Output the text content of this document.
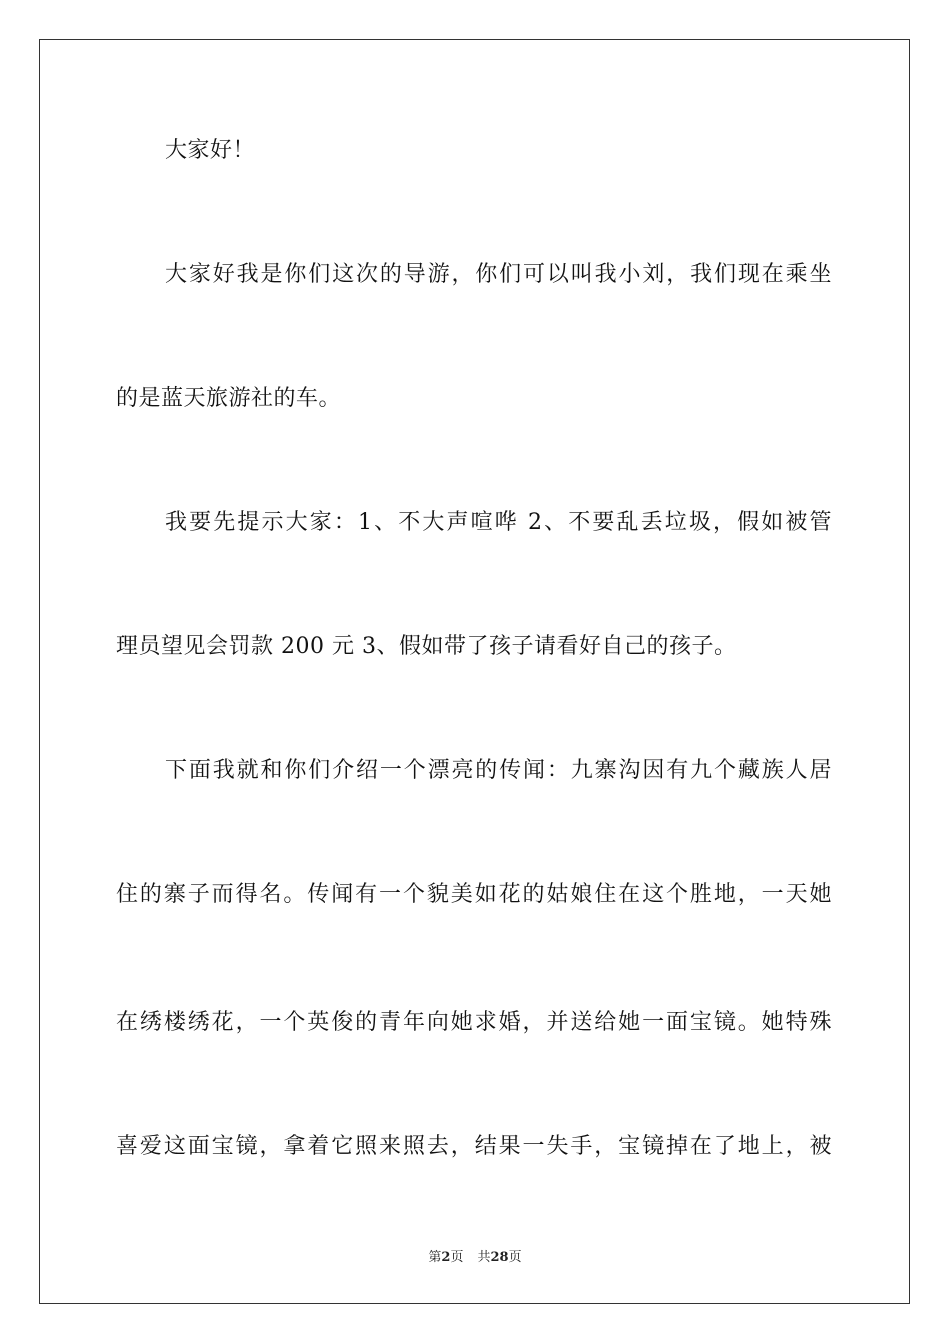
大家好！
大家好我是你们这次的导游，你们可以叫我小刘，我们现在乘坐
的是蓝天旅游社的车。
我要先提示大家：1、不大声喧哗 2、不要乱丢垃圾，假如被管
理员望见会罚款 200 元 3、假如带了孩子请看好自己的孩子。
下面我就和你们介绍一个漂亮的传闻：九寨沟因有九个藏族人居
住的寨子而得名。传闻有一个貌美如花的姑娘住在这个胜地，一天她
在绣楼绣花，一个英俊的青年向她求婚，并送给她一面宝镜。她特殊
喜爱这面宝镜，拿着它照来照去，结果一失手，宝镜掉在了地上，被
第2页 共28页
